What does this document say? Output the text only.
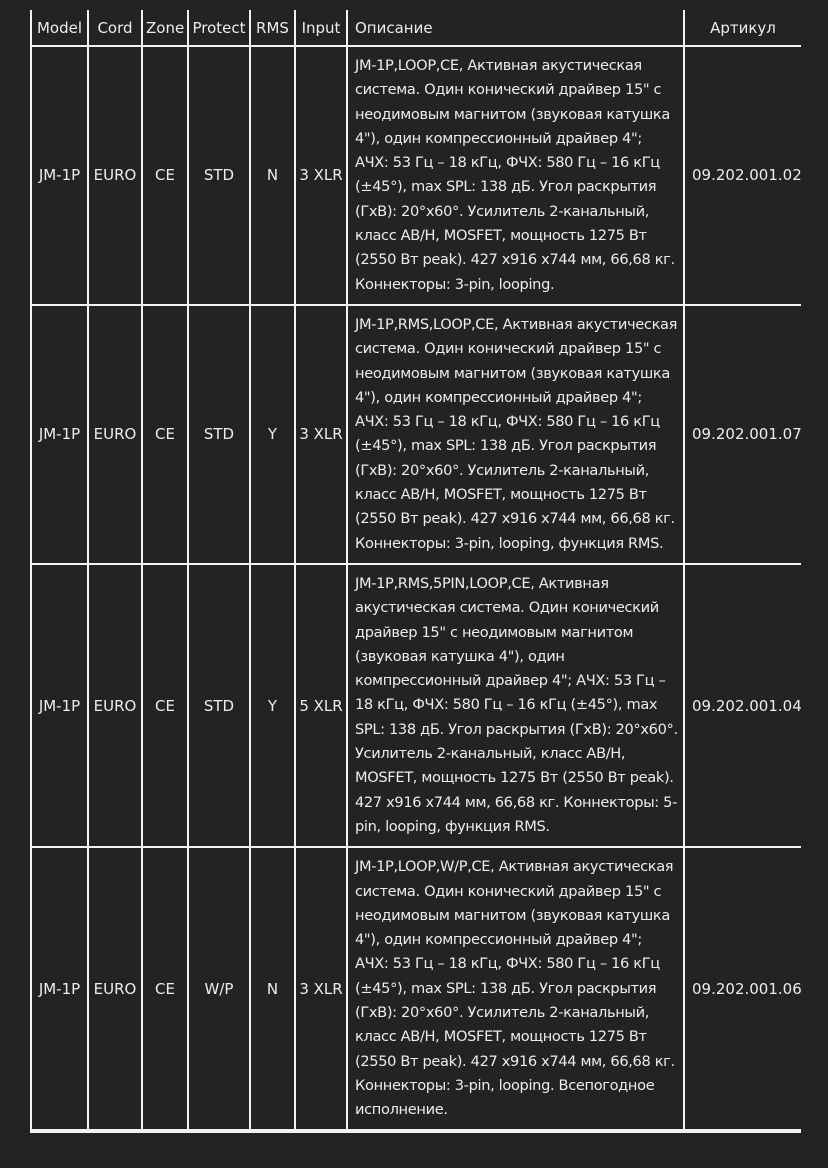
Model	Cord	Zone	Protect	RMS	Input	Описание	Артикул
JM-1P	EURO	CE	STD	N	3 XLR	JM-1P,LOOP,CE, Активная акустическая система. Один конический драйвер 15" с неодимовым магнитом (звуковая катушка 4"), один компрессионный драйвер 4"; АЧХ: 53 Гц – 18 кГц, ФЧХ: 580 Гц – 16 кГц (±45°), max SPL: 138 дБ. Угол раскрытия (ГхВ): 20°х60°. Усилитель 2-канальный, класс AB/H, MOSFET, мощность 1275 Вт (2550 Вт peak). 427 х916 х744 мм, 66,68 кг. Коннекторы: 3-pin, looping.	09.202.001.02
JM-1P	EURO	CE	STD	Y	3 XLR	JM-1P,RMS,LOOP,CE, Активная акустическая система. Один конический драйвер 15" с неодимовым магнитом (звуковая катушка 4"), один компрессионный драйвер 4"; АЧХ: 53 Гц – 18 кГц, ФЧХ: 580 Гц – 16 кГц (±45°), max SPL: 138 дБ. Угол раскрытия (ГхВ): 20°х60°. Усилитель 2-канальный, класс AB/H, MOSFET, мощность 1275 Вт (2550 Вт peak). 427 х916 х744 мм, 66,68 кг. Коннекторы: 3-pin, looping, функция RMS.	09.202.001.07
JM-1P	EURO	CE	STD	Y	5 XLR	JM-1P,RMS,5PIN,LOOP,CE, Активная акустическая система. Один конический драйвер 15" с неодимовым магнитом (звуковая катушка 4"), один компрессионный драйвер 4"; АЧХ: 53 Гц – 18 кГц, ФЧХ: 580 Гц – 16 кГц (±45°), max SPL: 138 дБ. Угол раскрытия (ГхВ): 20°х60°. Усилитель 2-канальный, класс AB/H, MOSFET, мощность 1275 Вт (2550 Вт peak). 427 х916 х744 мм, 66,68 кг. Коннекторы: 5-pin, looping, функция RMS.	09.202.001.04
JM-1P	EURO	CE	W/P	N	3 XLR	JM-1P,LOOP,W/P,CE, Активная акустическая система. Один конический драйвер 15" с неодимовым магнитом (звуковая катушка 4"), один компрессионный драйвер 4"; АЧХ: 53 Гц – 18 кГц, ФЧХ: 580 Гц – 16 кГц (±45°), max SPL: 138 дБ. Угол раскрытия (ГхВ): 20°х60°. Усилитель 2-канальный, класс AB/H, MOSFET, мощность 1275 Вт (2550 Вт peak). 427 х916 х744 мм, 66,68 кг. Коннекторы: 3-pin, looping. Всепогодное исполнение.	09.202.001.06
